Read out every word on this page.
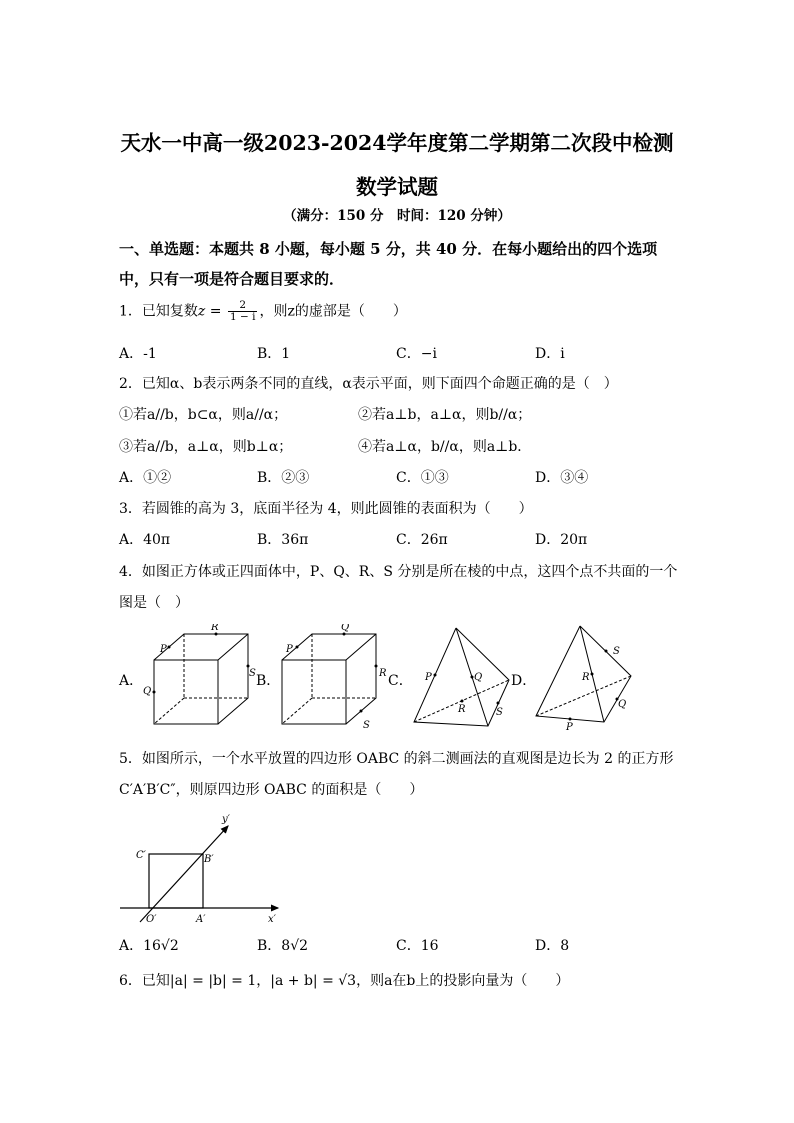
天水一中高一级2023-2024学年度第二学期第二次段中检测
数学试题
（满分：150 分　时间：120 分钟）
一、单选题：本题共 8 小题，每小题 5 分，共 40 分．在每小题给出的四个选项
中，只有一项是符合题目要求的．
1．已知复数$z = \frac{2}{1 - i}$ ，则z的虚部是（　　）
A．-1	B．1	C．−i	D．i
2．已知α、b表示两条不同的直线，α表示平面，则下面四个命题正确的是（　）
①若a//b，b⊂α，则a//α；	②若a⊥b，a⊥α，则b//α；
③若a//b，a⊥α，则b⊥α；	④若a⊥α，b//α，则a⊥b．
A．①②	B．②③	C．①③	D．③④
3．若圆锥的高为 3，底面半径为 4，则此圆锥的表面积为（　　）
A．40π	B．36π	C．26π	D．20π
4．如图正方体或正四面体中，P、Q、R、S 分别是所在棱的中点，这四个点不共面的一个
图是（　）
A．	B．	C．	D．
P
R
Q
S
P
Q
R
S
P	Q
R	S
S
R
Q
P
5．如图所示，一个水平放置的四边形 OABC 的斜二测画法的直观图是边长为 2 的正方形
C′A′B′C″，则原四边形 OABC 的面积是（　　）
y′
x′
C′	B′
O′	A′
A．16√2	B．8√2	C．16	D．8
6．已知|a| = |b| = 1，|a + b| = √3，则a在b上的投影向量为（　　）
